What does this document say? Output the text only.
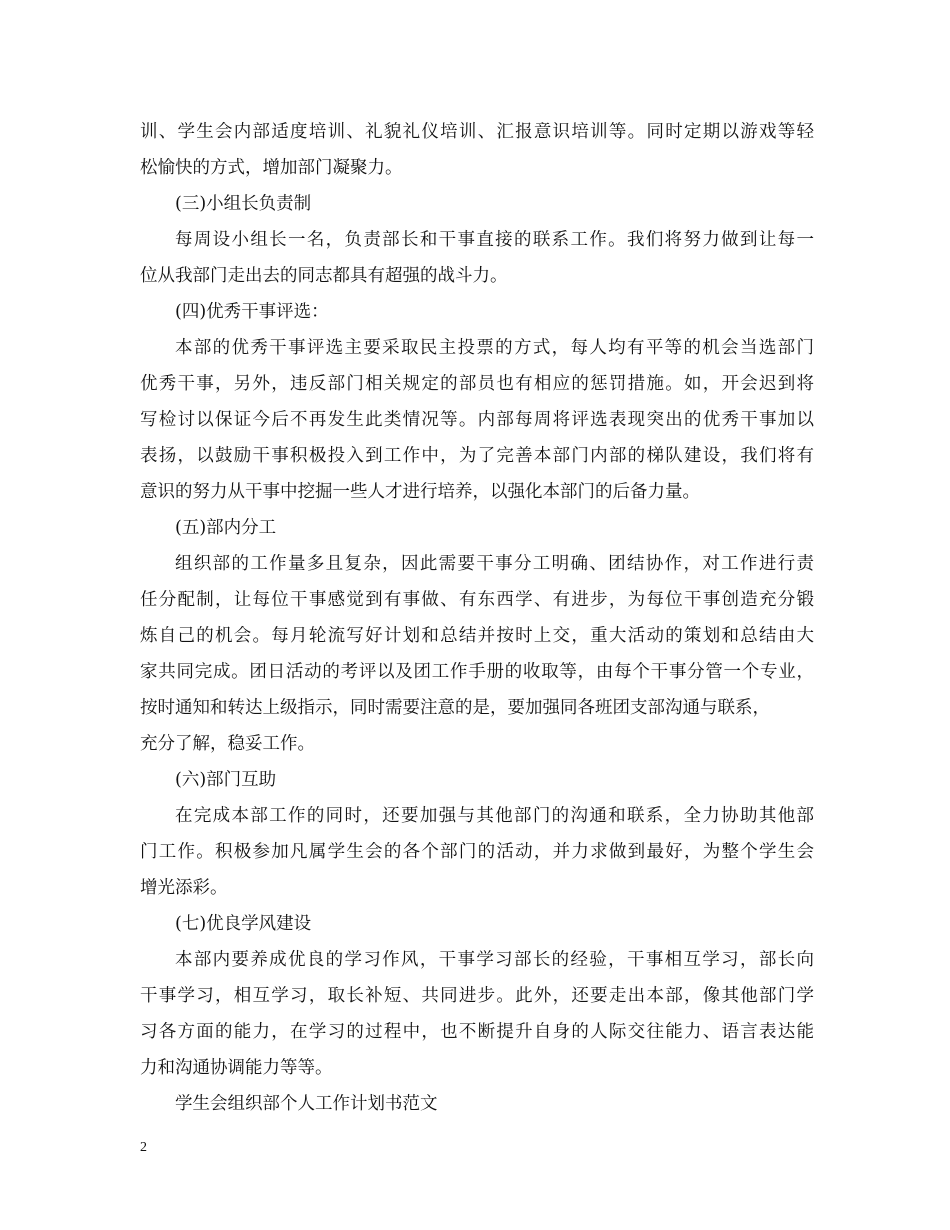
训、学生会内部适度培训、礼貌礼仪培训、汇报意识培训等。同时定期以游戏等轻
松愉快的方式，增加部门凝聚力。
(三)小组长负责制
每周设小组长一名，负责部长和干事直接的联系工作。我们将努力做到让每一
位从我部门走出去的同志都具有超强的战斗力。
(四)优秀干事评选：
本部的优秀干事评选主要采取民主投票的方式，每人均有平等的机会当选部门
优秀干事，另外，违反部门相关规定的部员也有相应的惩罚措施。如，开会迟到将
写检讨以保证今后不再发生此类情况等。内部每周将评选表现突出的优秀干事加以
表扬，以鼓励干事积极投入到工作中，为了完善本部门内部的梯队建设，我们将有
意识的努力从干事中挖掘一些人才进行培养，以强化本部门的后备力量。
(五)部内分工
组织部的工作量多且复杂，因此需要干事分工明确、团结协作，对工作进行责
任分配制，让每位干事感觉到有事做、有东西学、有进步，为每位干事创造充分锻
炼自己的机会。每月轮流写好计划和总结并按时上交，重大活动的策划和总结由大
家共同完成。团日活动的考评以及团工作手册的收取等，由每个干事分管一个专业，
按时通知和转达上级指示，同时需要注意的是，要加强同各班团支部沟通与联系，
充分了解，稳妥工作。
(六)部门互助
在完成本部工作的同时，还要加强与其他部门的沟通和联系，全力协助其他部
门工作。积极参加凡属学生会的各个部门的活动，并力求做到最好，为整个学生会
增光添彩。
(七)优良学风建设
本部内要养成优良的学习作风，干事学习部长的经验，干事相互学习，部长向
干事学习，相互学习，取长补短、共同进步。此外，还要走出本部，像其他部门学
习各方面的能力，在学习的过程中，也不断提升自身的人际交往能力、语言表达能
力和沟通协调能力等等。
学生会组织部个人工作计划书范文
2
